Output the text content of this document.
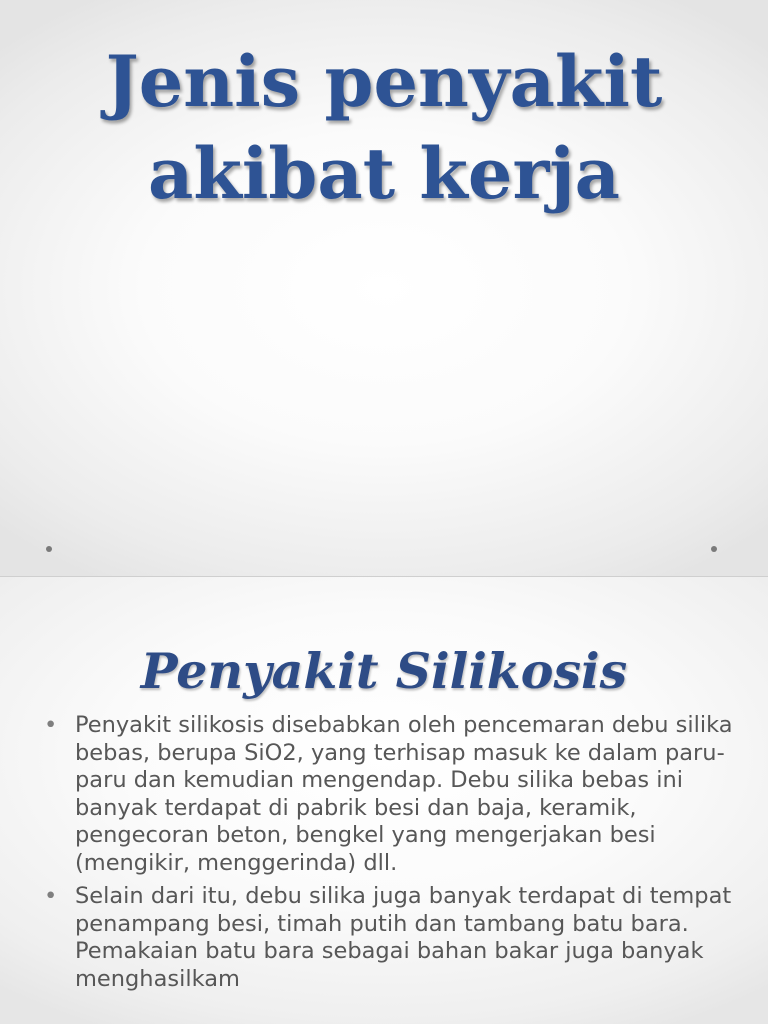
Jenis penyakit
akibat kerja
Penyakit Silikosis
• Penyakit silikosis disebabkan oleh pencemaran debu silika bebas, berupa SiO2, yang terhisap masuk ke dalam paru-paru dan kemudian mengendap. Debu silika bebas ini banyak terdapat di pabrik besi dan baja, keramik, pengecoran beton, bengkel yang mengerjakan besi (mengikir, menggerinda) dll.
• Selain dari itu, debu silika juga banyak terdapat di tempat penampang besi, timah putih dan tambang batu bara. Pemakaian batu bara sebagai bahan bakar juga banyak menghasilkam
